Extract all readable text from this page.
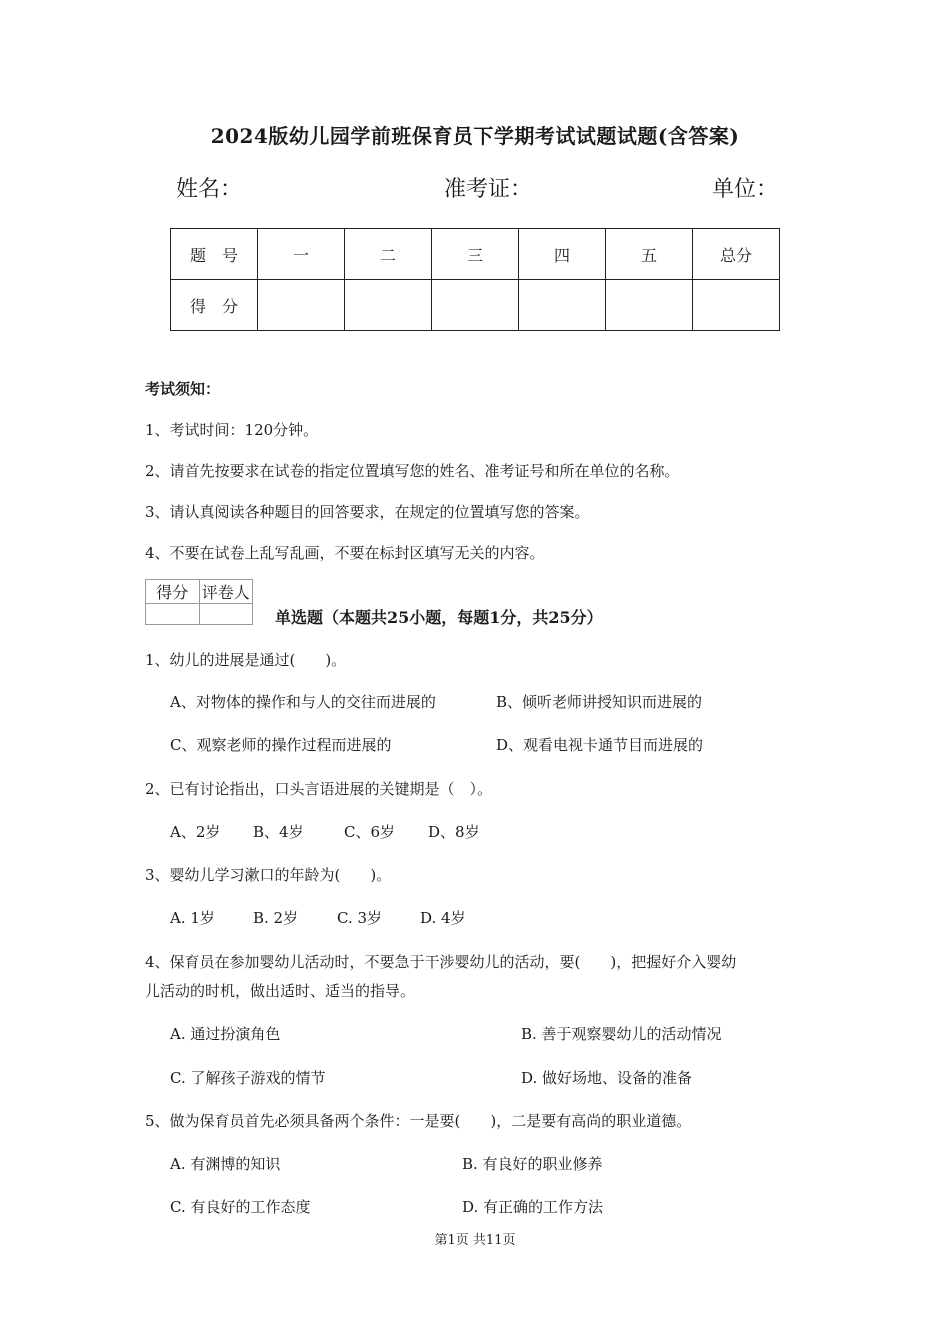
2024版幼儿园学前班保育员下学期考试试题试题(含答案)
姓名：	准考证：	单位：
题　号	一	二	三	四	五	总分
得　分						
考试须知：
1、考试时间：120分钟。
2、请首先按要求在试卷的指定位置填写您的姓名、准考证号和所在单位的名称。
3、请认真阅读各种题目的回答要求，在规定的位置填写您的答案。
4、不要在试卷上乱写乱画，不要在标封区填写无关的内容。
得分	评卷人

单选题（本题共25小题，每题1分，共25分）
1、幼儿的进展是通过(　　)。
A、对物体的操作和与人的交往而进展的	B、倾听老师讲授知识而进展的
C、观察老师的操作过程而进展的	D、观看电视卡通节目而进展的
2、已有讨论指出，口头言语进展的关键期是（　）。
A、2岁 B、4岁	C、6岁 D、8岁
3、婴幼儿学习漱口的年龄为(　　)。
A. 1岁	B. 2岁	C. 3岁	D. 4岁
4、保育员在参加婴幼儿活动时，不要急于干涉婴幼儿的活动，要(　　)，把握好介入婴幼
儿活动的时机，做出适时、适当的指导。
A. 通过扮演角色	B. 善于观察婴幼儿的活动情况
C. 了解孩子游戏的情节	D. 做好场地、设备的准备
5、做为保育员首先必须具备两个条件：一是要(　　)，二是要有高尚的职业道德。
A. 有渊博的知识	B. 有良好的职业修养
C. 有良好的工作态度	D. 有正确的工作方法
第1页 共11页
